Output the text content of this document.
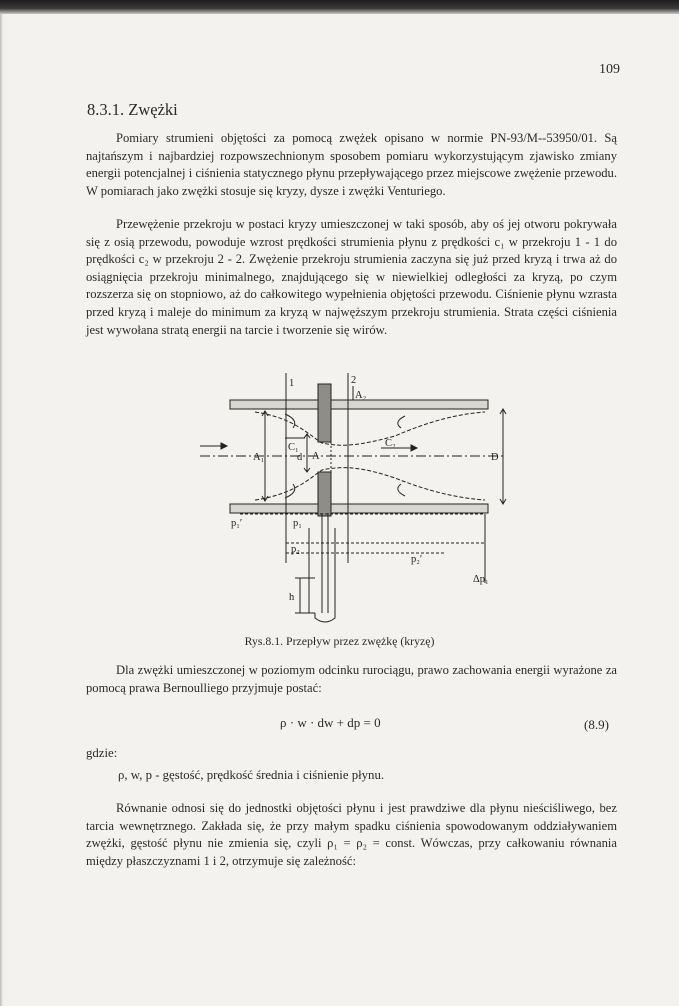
109
8.3.1. Zwężki

Pomiary strumieni objętości za pomocą zwężek opisano w normie PN-93/M--53950/01. Są najtańszym i najbardziej rozpowszechnionym sposobem pomiaru wykorzystującym zjawisko zmiany energii potencjalnej i ciśnienia statycznego płynu przepływającego przez miejscowe zwężenie przewodu. W pomiarach jako zwężki stosuje się kryzy, dysze i zwężki Venturiego.

Przewężenie przekroju w postaci kryzy umieszczonej w taki sposób, aby oś jej otworu pokrywała się z osią przewodu, powoduje wzrost prędkości strumienia płynu z prędkości c₁ w przekroju 1 - 1 do prędkości c₂ w przekroju 2 - 2. Zwężenie przekroju strumienia zaczyna się już przed kryzą i trwa aż do osiągnięcia przekroju minimalnego, znajdującego się w niewielkiej odległości za kryzą, po czym rozszerza się on stopniowo, aż do całkowitego wypełnienia objętości przewodu. Ciśnienie płynu wzrasta przed kryzą i maleje do minimum za kryzą w najwęższym przekroju strumienia. Strata części ciśnienia jest wywołana stratą energii na tarcie i tworzenie się wirów.

1	2
C₁	C₂
A₁
A₂
d A	D
p₁′	p₁
p₂
p₂′
h
Δp₁
Rys.8.1. Przepływ przez zwężkę (kryzę)

Dla zwężki umieszczonej w poziomym odcinku rurociągu, prawo zachowania energii wyrażone za pomocą prawa Bernoulliego przyjmuje postać:

ρ · w · dw + dp = 0	(8.9)
gdzie:
ρ, w, p - gęstość, prędkość średnia i ciśnienie płynu.

Równanie odnosi się do jednostki objętości płynu i jest prawdziwe dla płynu nieściśliwego, bez tarcia wewnętrznego. Zakłada się, że przy małym spadku ciśnienia spowodowanym oddziaływaniem zwężki, gęstość płynu nie zmienia się, czyli ρ₁ = ρ₂ = const. Wówczas, przy całkowaniu równania między płaszczyznami 1 i 2, otrzymuje się zależność:
